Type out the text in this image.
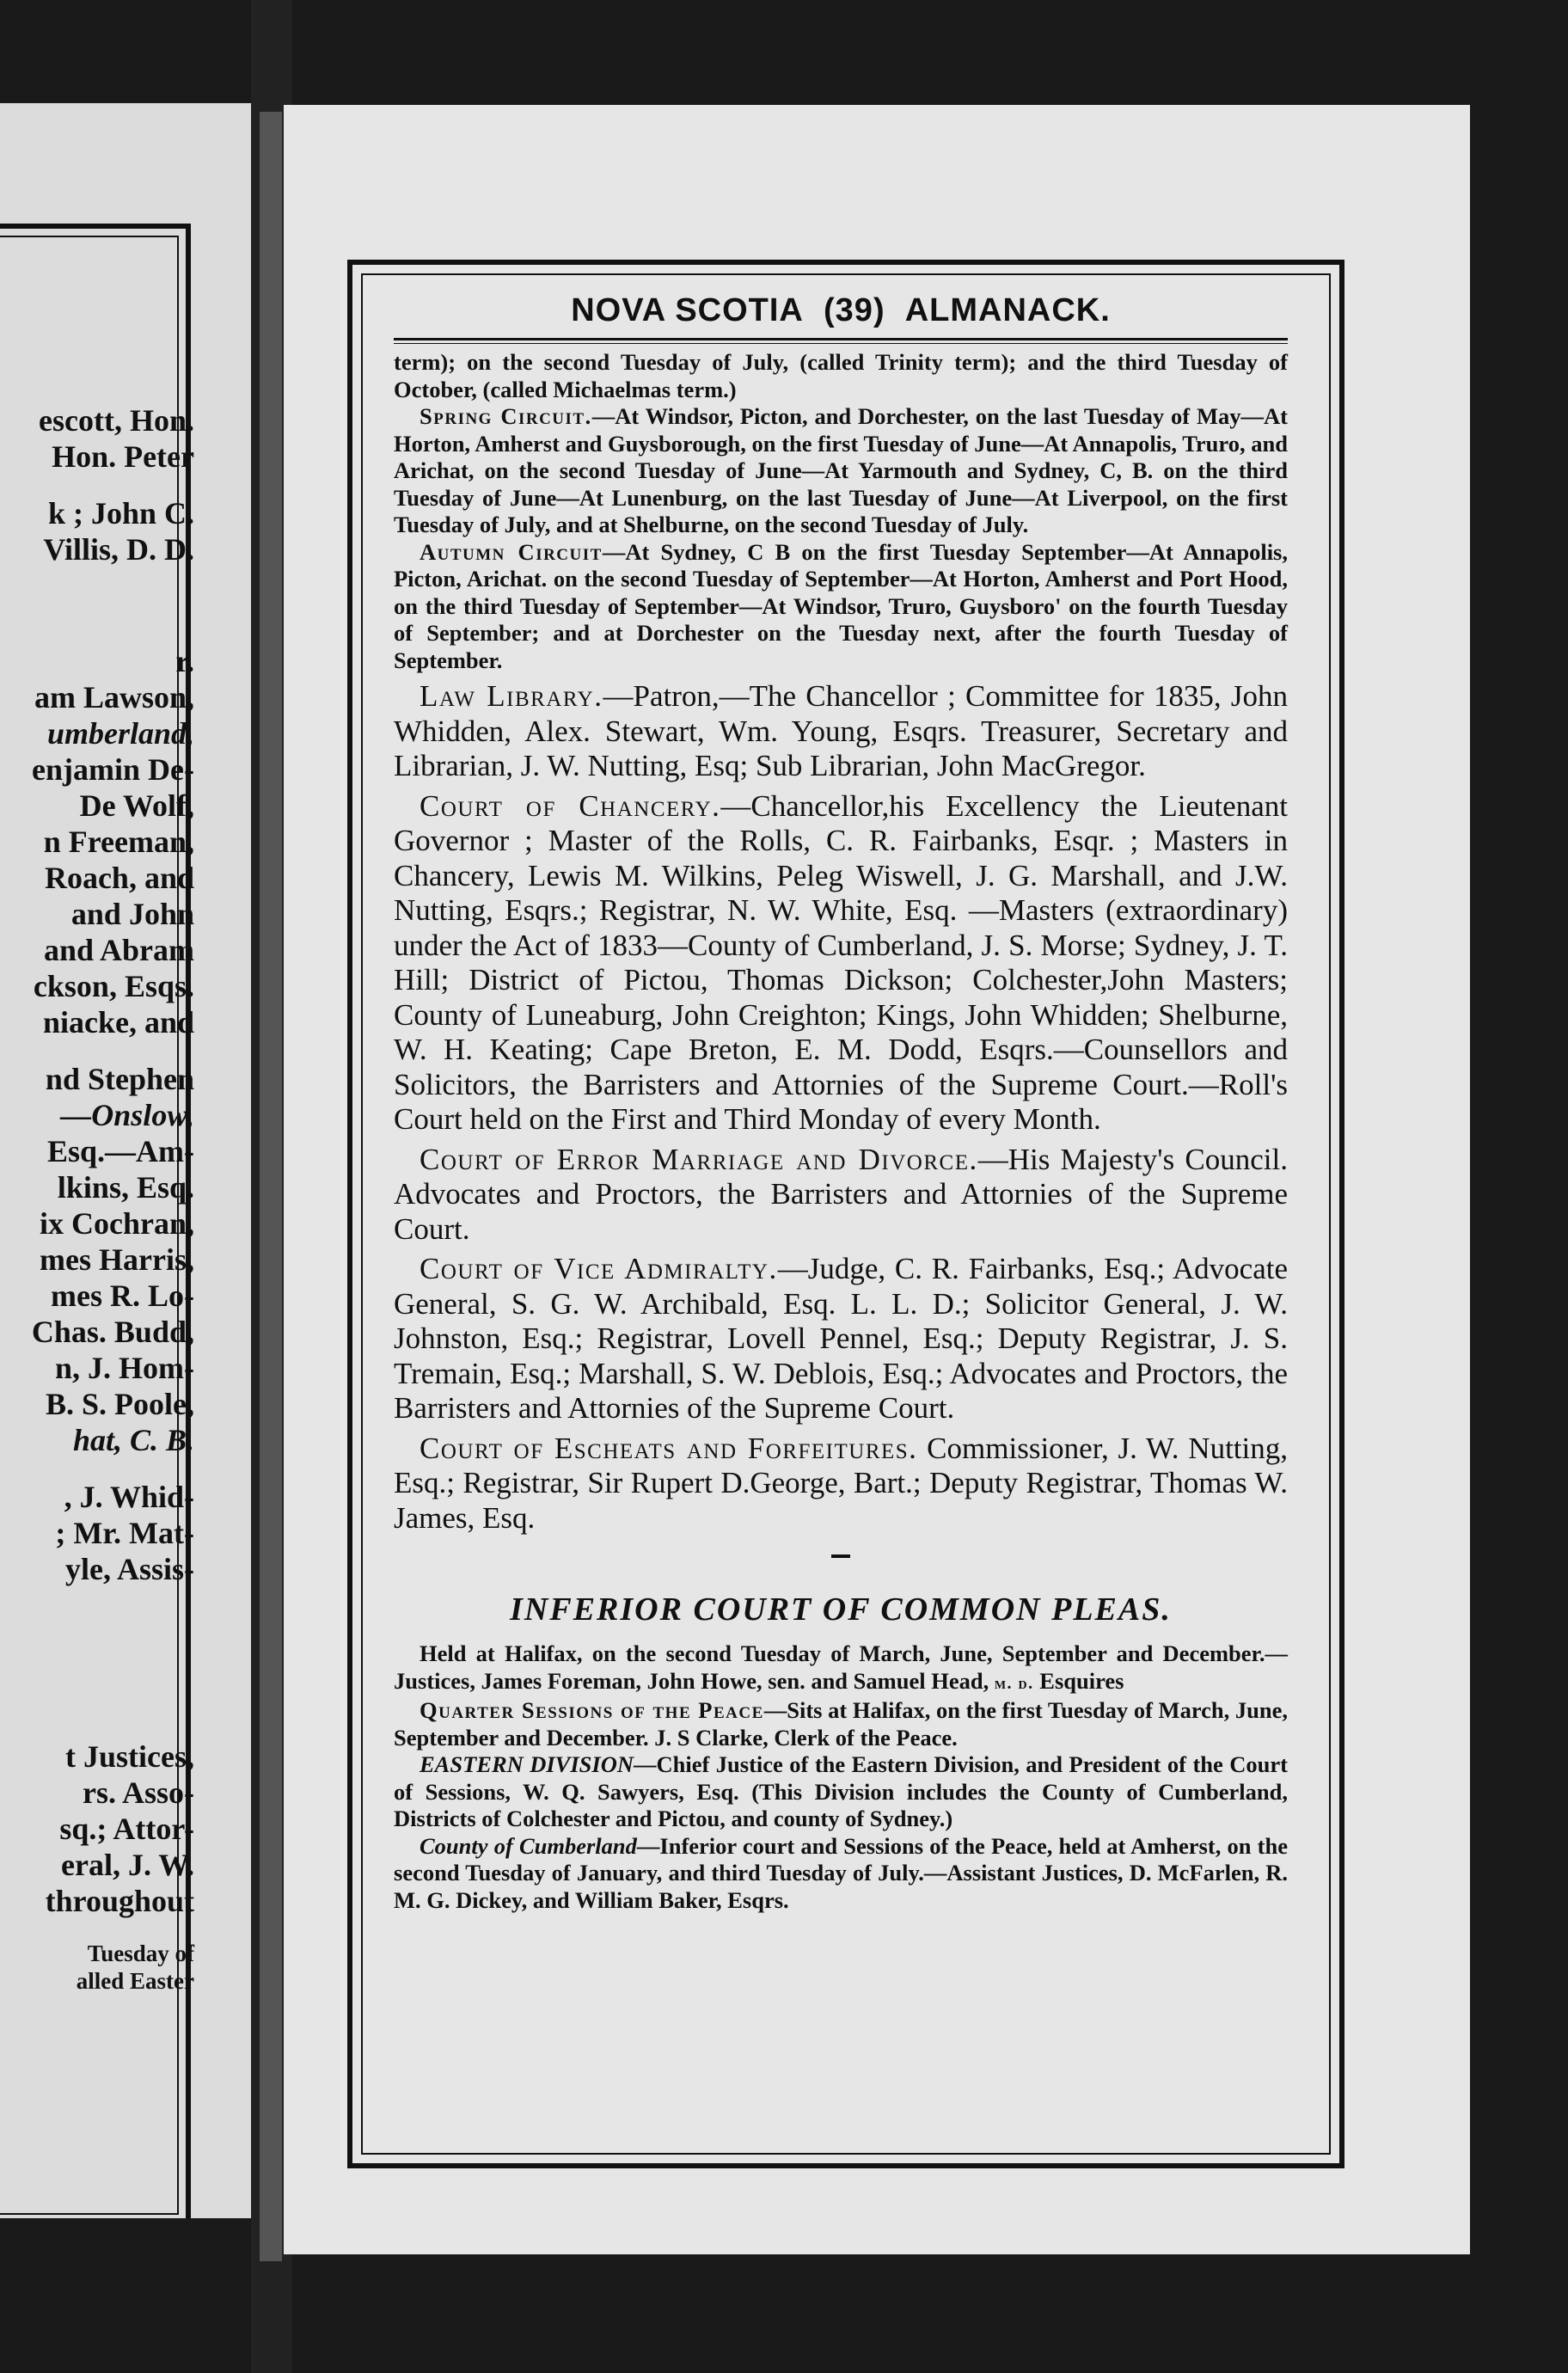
escott, Hon.
Hon. Peter
k ; John C.
Villis, D. D.
r.
am Lawson,
umberland,
enjamin De-
De Wolf,
n Freeman,
Roach, and
and John
and Abram
ckson, Esqs.
niacke, and
nd Stephen
—Onslow,
Esq.—Am-
lkins, Esq.
ix Cochran,
mes Harris,
mes R. Lo-
Chas. Budd,
n, J. Hom-
B. S. Poole,
hat, C. B.
, J. Whid-
; Mr. Mat-
yle, Assis-
t Justices,
rs. Asso-
sq.; Attor-
eral, J. W.
throughout
Tuesday of
alled Easter
NOVA SCOTIA (39) ALMANACK.

term); on the second Tuesday of July, (called Trinity term); and the third Tuesday of October, (called Michaelmas term.)

Spring Circuit.—At Windsor, Picton, and Dorchester, on the last Tuesday of May—At Horton, Amherst and Guysborough, on the first Tuesday of June—At Annapolis, Truro, and Arichat, on the second Tuesday of June—At Yarmouth and Sydney, C, B. on the third Tuesday of June—At Lunenburg, on the last Tuesday of June—At Liverpool, on the first Tuesday of July, and at Shelburne, on the second Tuesday of July.

Autumn Circuit—At Sydney, C B on the first Tuesday September—At Annapolis, Picton, Arichat. on the second Tuesday of September—At Horton, Amherst and Port Hood, on the third Tuesday of September—At Windsor, Truro, Guysboro' on the fourth Tuesday of September; and at Dorchester on the Tuesday next, after the fourth Tuesday of September.

Law Library.—Patron,—The Chancellor ; Committee for 1835, John Whidden, Alex. Stewart, Wm. Young, Esqrs. Treasurer, Secretary and Librarian, J. W. Nutting, Esq; Sub Librarian, John MacGregor.

Court of Chancery.—Chancellor,his Excellency the Lieutenant Governor ; Master of the Rolls, C. R. Fairbanks, Esqr. ; Masters in Chancery, Lewis M. Wilkins, Peleg Wiswell, J. G. Marshall, and J.W. Nutting, Esqrs.; Registrar, N. W. White, Esq. —Masters (extraordinary) under the Act of 1833—County of Cumberland, J. S. Morse; Sydney, J. T. Hill; District of Pictou, Thomas Dickson; Colchester,John Masters; County of Luneaburg, John Creighton; Kings, John Whidden; Shelburne, W. H. Keating; Cape Breton, E. M. Dodd, Esqrs.—Counsellors and Solicitors, the Barristers and Attornies of the Supreme Court.—Roll's Court held on the First and Third Monday of every Month.

Court of Error Marriage and Divorce.—His Majesty's Council. Advocates and Proctors, the Barristers and Attornies of the Supreme Court.

Court of Vice Admiralty.—Judge, C. R. Fairbanks, Esq.; Advocate General, S. G. W. Archibald, Esq. L. L. D.; Solicitor General, J. W. Johnston, Esq.; Registrar, Lovell Pennel, Esq.; Deputy Registrar, J. S. Tremain, Esq.; Marshall, S. W. Deblois, Esq.; Advocates and Proctors, the Barristers and Attornies of the Supreme Court.

Court of Escheats and Forfeitures. Commissioner, J. W. Nutting, Esq.; Registrar, Sir Rupert D.George, Bart.; Deputy Registrar, Thomas W. James, Esq.

INFERIOR COURT OF COMMON PLEAS.

Held at Halifax, on the second Tuesday of March, June, September and December.—Justices, James Foreman, John Howe, sen. and Samuel Head, m. d. Esquires

Quarter Sessions of the Peace—Sits at Halifax, on the first Tuesday of March, June, September and December. J. S Clarke, Clerk of the Peace.

EASTERN DIVISION—Chief Justice of the Eastern Division, and President of the Court of Sessions, W. Q. Sawyers, Esq. (This Division includes the County of Cumberland, Districts of Colchester and Pictou, and county of Sydney.)

County of Cumberland—Inferior court and Sessions of the Peace, held at Amherst, on the second Tuesday of January, and third Tuesday of July.—Assistant Justices, D. McFarlen, R. M. G. Dickey, and William Baker, Esqrs.
